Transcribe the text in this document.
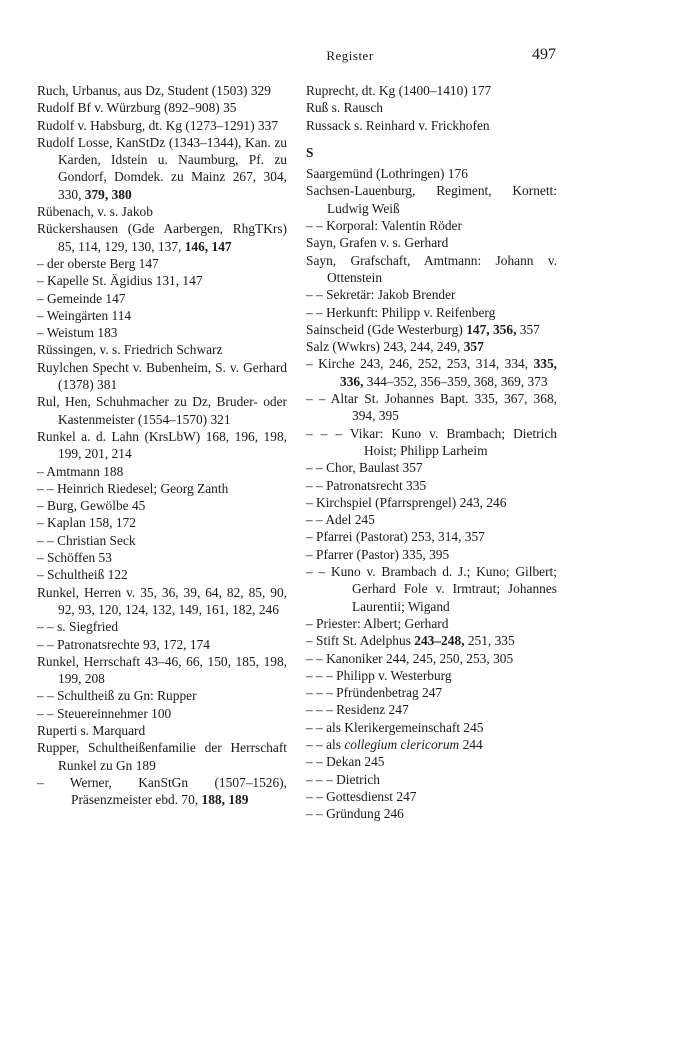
Register	497
Ruch, Urbanus, aus Dz, Student (1503) 329
Rudolf Bf v. Würzburg (892–908) 35
Rudolf v. Habsburg, dt. Kg (1273–1291) 337
Rudolf Losse, KanStDz (1343–1344), Kan. zu Karden, Idstein u. Naumburg, Pf. zu Gondorf, Domdek. zu Mainz 267, 304, 330, 379, 380
Rübenach, v. s. Jakob
Rückershausen (Gde Aarbergen, RhgTKrs) 85, 114, 129, 130, 137, 146, 147
– der oberste Berg 147
– Kapelle St. Ägidius 131, 147
– Gemeinde 147
– Weingärten 114
– Weistum 183
Rüssingen, v. s. Friedrich Schwarz
Ruylchen Specht v. Bubenheim, S. v. Gerhard (1378) 381
Rul, Hen, Schuhmacher zu Dz, Bruder- oder Kastenmeister (1554–1570) 321
Runkel a. d. Lahn (KrsLbW) 168, 196, 198, 199, 201, 214
– Amtmann 188
– – Heinrich Riedesel; Georg Zanth
– Burg, Gewölbe 45
– Kaplan 158, 172
– – Christian Seck
– Schöffen 53
– Schultheiß 122
Runkel, Herren v. 35, 36, 39, 64, 82, 85, 90, 92, 93, 120, 124, 132, 149, 161, 182, 246
– – s. Siegfried
– – Patronatsrechte 93, 172, 174
Runkel, Herrschaft 43–46, 66, 150, 185, 198, 199, 208
– – Schultheiß zu Gn: Rupper
– – Steuereinnehmer 100
Ruperti s. Marquard
Rupper, Schultheißenfamilie der Herrschaft Runkel zu Gn 189
– Werner, KanStGn (1507–1526), Präsenzmeister ebd. 70, 188, 189
Ruprecht, dt. Kg (1400–1410) 177
Ruß s. Rausch
Russack s. Reinhard v. Frickhofen
S
Saargemünd (Lothringen) 176
Sachsen-Lauenburg, Regiment, Kornett: Ludwig Weiß
– – Korporal: Valentin Röder
Sayn, Grafen v. s. Gerhard
Sayn, Grafschaft, Amtmann: Johann v. Ottenstein
– – Sekretär: Jakob Brender
– – Herkunft: Philipp v. Reifenberg
Sainscheid (Gde Westerburg) 147, 356, 357
Salz (Wwkrs) 243, 244, 249, 357
– Kirche 243, 246, 252, 253, 314, 334, 335, 336, 344–352, 356–359, 368, 369, 373
– – Altar St. Johannes Bapt. 335, 367, 368, 394, 395
– – – Vikar: Kuno v. Brambach; Dietrich Hoist; Philipp Larheim
– – Chor, Baulast 357
– – Patronatsrecht 335
– Kirchspiel (Pfarrsprengel) 243, 246
– – Adel 245
– Pfarrei (Pastorat) 253, 314, 357
– Pfarrer (Pastor) 335, 395
– – Kuno v. Brambach d. J.; Kuno; Gilbert; Gerhard Fole v. Irmtraut; Johannes Laurentii; Wigand
– Priester: Albert; Gerhard
– Stift St. Adelphus 243–248, 251, 335
– – Kanoniker 244, 245, 250, 253, 305
– – – Philipp v. Westerburg
– – – Pfründenbetrag 247
– – – Residenz 247
– – als Klerikergemeinschaft 245
– – als collegium clericorum 244
– – Dekan 245
– – – Dietrich
– – Gottesdienst 247
– – Gründung 246
